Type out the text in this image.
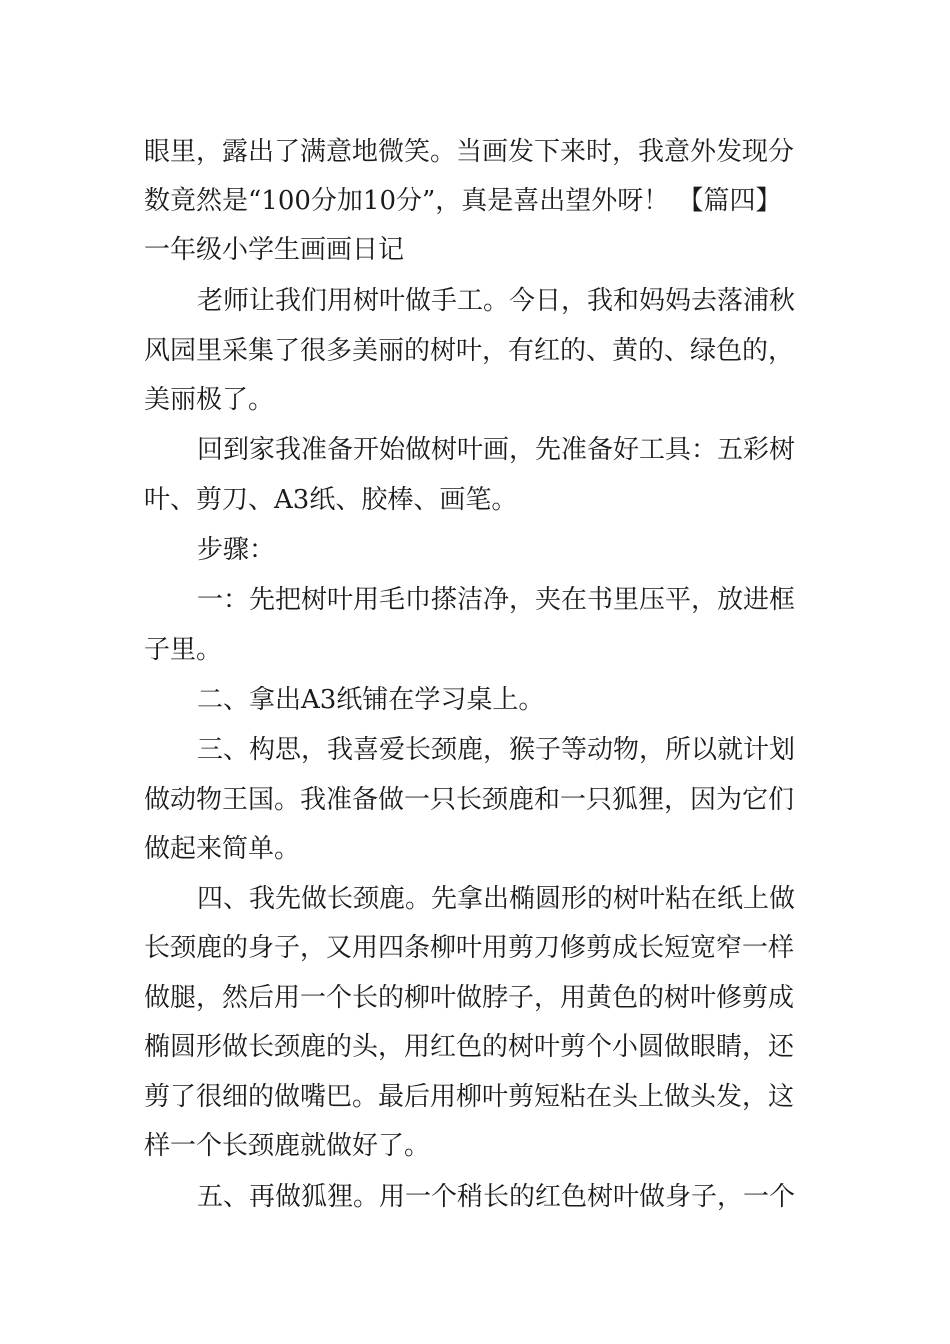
眼里，露出了满意地微笑。当画发下来时，我意外发现分
数竟然是“100分加10分”，真是喜出望外呀！ 【篇四】
一年级小学生画画日记
老师让我们用树叶做手工。今日，我和妈妈去落浦秋
风园里采集了很多美丽的树叶，有红的、黄的、绿色的，
美丽极了。
回到家我准备开始做树叶画，先准备好工具：五彩树
叶、剪刀、A3纸、胶棒、画笔。
步骤：
一：先把树叶用毛巾搽洁净，夹在书里压平，放进框
子里。
二、拿出A3纸铺在学习桌上。
三、构思，我喜爱长颈鹿，猴子等动物，所以就计划
做动物王国。我准备做一只长颈鹿和一只狐狸，因为它们
做起来简单。
四、我先做长颈鹿。先拿出椭圆形的树叶粘在纸上做
长颈鹿的身子，又用四条柳叶用剪刀修剪成长短宽窄一样
做腿，然后用一个长的柳叶做脖子，用黄色的树叶修剪成
椭圆形做长颈鹿的头，用红色的树叶剪个小圆做眼睛，还
剪了很细的做嘴巴。最后用柳叶剪短粘在头上做头发，这
样一个长颈鹿就做好了。
五、再做狐狸。用一个稍长的红色树叶做身子，一个
